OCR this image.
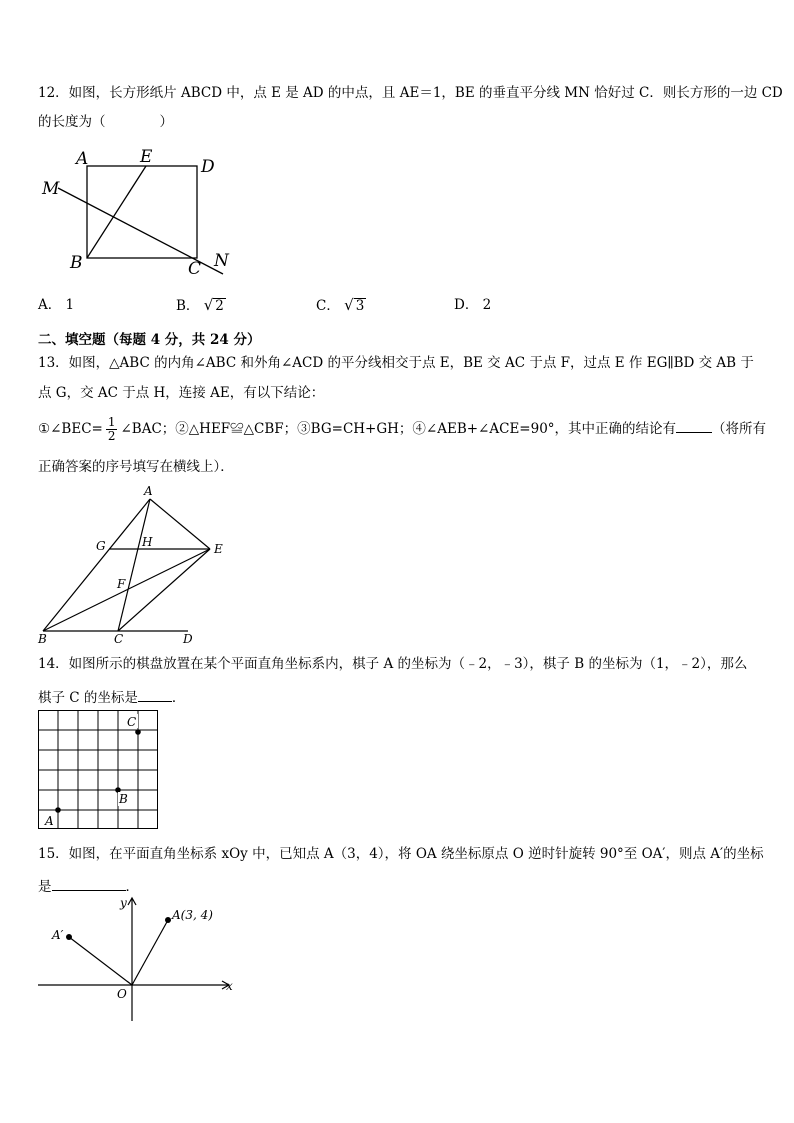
12．如图，长方形纸片 ABCD 中，点 E 是 AD 的中点，且 AE＝1，BE 的垂直平分线 MN 恰好过 C．则长方形的一边 CD
的长度为（　　　　）
A	E	D
M
B	C N
A． 1	B． √ 2	C． √ 3	D． 2
二、填空题（每题 4 分，共 24 分）
13．如图，△ABC 的内角∠ABC 和外角∠ACD 的平分线相交于点 E，BE 交 AC 于点 F，过点 E 作 EG∥BD 交 AB 于
点 G，交 AC 于点 H，连接 AE，有以下结论：
①∠BEC= $\frac{1}{2}$ ∠BAC；②△HEF≌△CBF；③BG=CH+GH；④∠AEB+∠ACE=90°，其中正确的结论有	（将所有
正确答案的序号填写在横线上）．
A
G	H	E
F
B	C	D
14．如图所示的棋盘放置在某个平面直角坐标系内，棋子 A 的坐标为（﹣2，﹣3），棋子 B 的坐标为（1，﹣2），那么
棋子 C 的坐标是	．
C
B
A
15．如图，在平面直角坐标系 xOy 中，已知点 A（3，4），将 OA 绕坐标原点 O 逆时针旋转 90°至 OA′，则点 A′的坐标
是	．
y
A(3, 4)
A′
O
x
